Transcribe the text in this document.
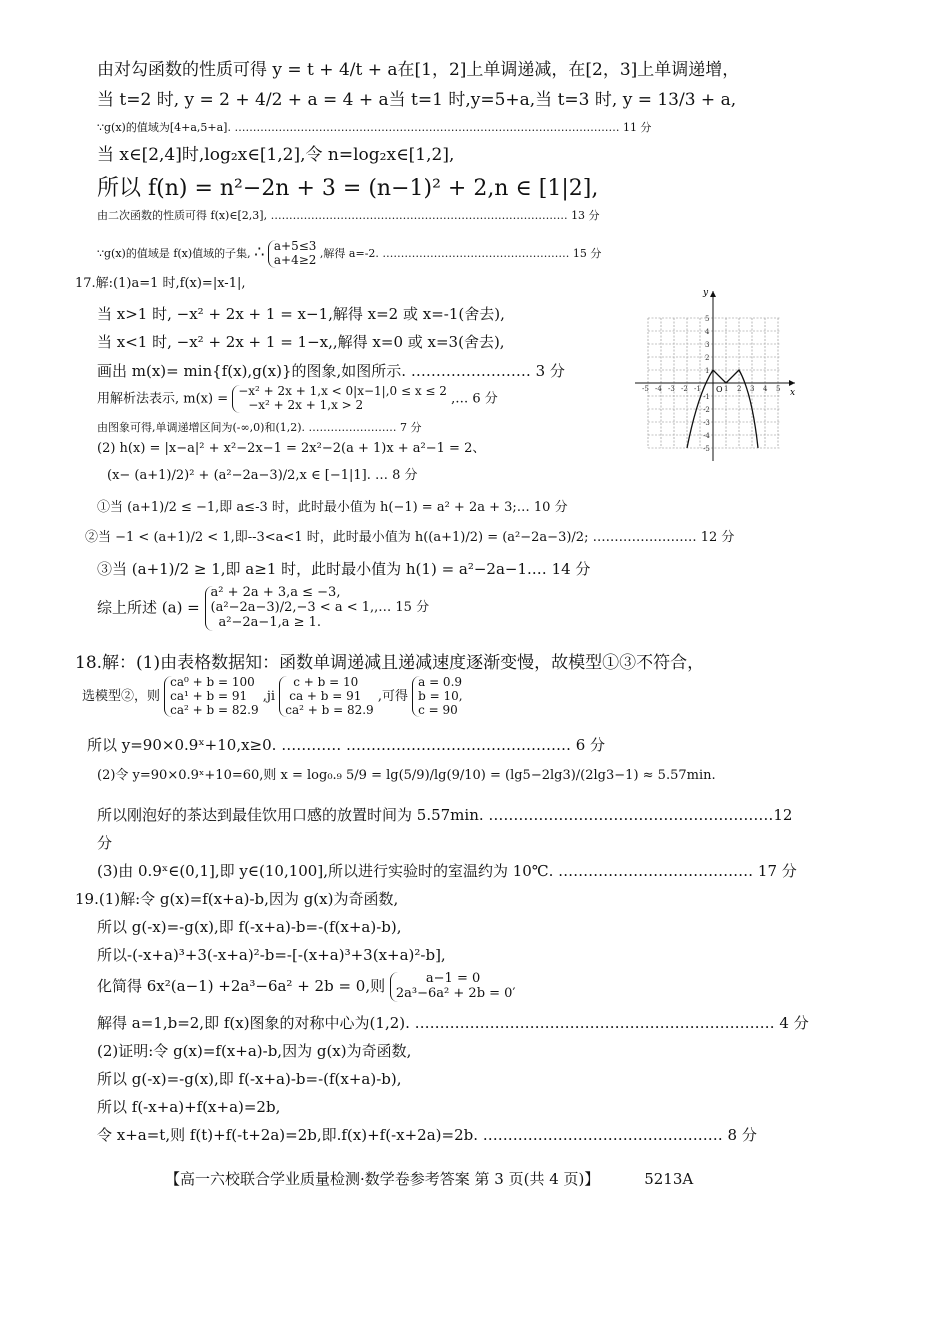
由对勾函数的性质可得 y = t + 4/t + a在[1，2]上单调递减，在[2，3]上单调递增，
当 t=2 时, y = 2 + 4/2 + a = 4 + a当 t=1 时,y=5+a,当 t=3 时, y = 13/3 + a,
∵g(x)的值域为[4+a,5+a]. …………………………………………………………………………………………… 11 分
当 x∈[2,4]时,log₂x∈[1,2],令 n=log₂x∈[1,2],
所以 f(n) = n²−2n + 3 = (n−1)² + 2,n ∈ [1|2],
由二次函数的性质可得 f(x)∈[2,3], ……………………………………………………………………… 13 分
∵g(x)的值域是 f(x)值域的子集, ∴ a+5≤3
a+4≥2 ,解得 a=-2. …………………………………………… 15 分
17.解:(1)a=1 时,f(x)=|x-1|,
当 x>1 时, −x² + 2x + 1 = x−1,解得 x=2 或 x=-1(舍去),
当 x<1 时, −x² + 2x + 1 = 1−x,,解得 x=0 或 x=3(舍去),
画出 m(x)= min{f(x),g(x)}的图象,如图所示. …………………… 3 分
用解析法表示, m(x) =
−x² + 2x + 1,x < 0|x−1|,0 ≤ x ≤ 2
−x² + 2x + 1,x > 2	,… 6 分
由图象可得,单调递增区间为(-∞,0)和(1,2). …………………… 7 分
(2) h(x) = |x−a|² + x²−2x−1 = 2x²−2(a + 1)x + a²−1 = 2、
(x− (a+1)/2)² + (a²−2a−3)/2,x ∈ [−1|1]. … 8 分
①当 (a+1)/2 ≤ −1,即 a≤-3 时，此时最小值为 h(−1) = a² + 2a + 3;… 10 分
②当 −1 < (a+1)/2 < 1,即--3<a<1 时，此时最小值为 h((a+1)/2) = (a²−2a−3)/2; …………………… 12 分
③当 (a+1)/2 ≥ 1,即 a≥1 时，此时最小值为 h(1) = a²−2a−1.… 14 分
综上所述 (a) =
a² + 2a + 3,a ≤ −3,
(a²−2a−3)/2,−3 < a < 1,,… 15 分
a²−2a−1,a ≥ 1.
x
y
O
-5 -4 -3 -2 -1	1 2 3 4 5
5
4
3
2
1
-1
-2
-3
-4
-5
18.解：(1)由表格数据知：函数单调递减且递减速度逐渐变慢，故模型①③不符合，
选模型②，则
ca⁰ + b = 100
ca¹ + b = 91
ca² + b = 82.9
,ji
c + b = 10
ca + b = 91
ca² + b = 82.9
,可得
a = 0.9
b = 10,
c = 90
所以 y=90×0.9ˣ+10,x≥0. ………… ……………………………………… 6 分
(2)令 y=90×0.9ˣ+10=60,则 x = log₀.₉ 5/9 = lg(5/9)/lg(9/10) = (lg5−2lg3)/(2lg3−1) ≈ 5.57min.
所以刚泡好的茶达到最佳饮用口感的放置时间为 5.57min. …………………………………………………12
分
(3)由 0.9ˣ∈(0,1],即 y∈(10,100],所以进行实验时的室温约为 10℃. ………………………………… 17 分
19.(1)解:令 g(x)=f(x+a)-b,因为 g(x)为奇函数,
所以 g(-x)=-g(x),即 f(-x+a)-b=-(f(x+a)-b),
所以-(-x+a)³+3(-x+a)²-b=-[-(x+a)³+3(x+a)²-b],
化简得 6x²(a−1) +2a³−6a² + 2b = 0,则	a−1 = 0
2a³−6a² + 2b = 0′
解得 a=1,b=2,即 f(x)图象的对称中心为(1,2). ……………………………………………………………… 4 分
(2)证明:令 g(x)=f(x+a)-b,因为 g(x)为奇函数,
所以 g(-x)=-g(x),即 f(-x+a)-b=-(f(x+a)-b),
所以 f(-x+a)+f(x+a)=2b,
令 x+a=t,则 f(t)+f(-t+2a)=2b,即.f(x)+f(-x+2a)=2b. ………………………………………… 8 分
【高一六校联合学业质量检测·数学卷参考答案 第 3 页(共 4 页)】	5213A
